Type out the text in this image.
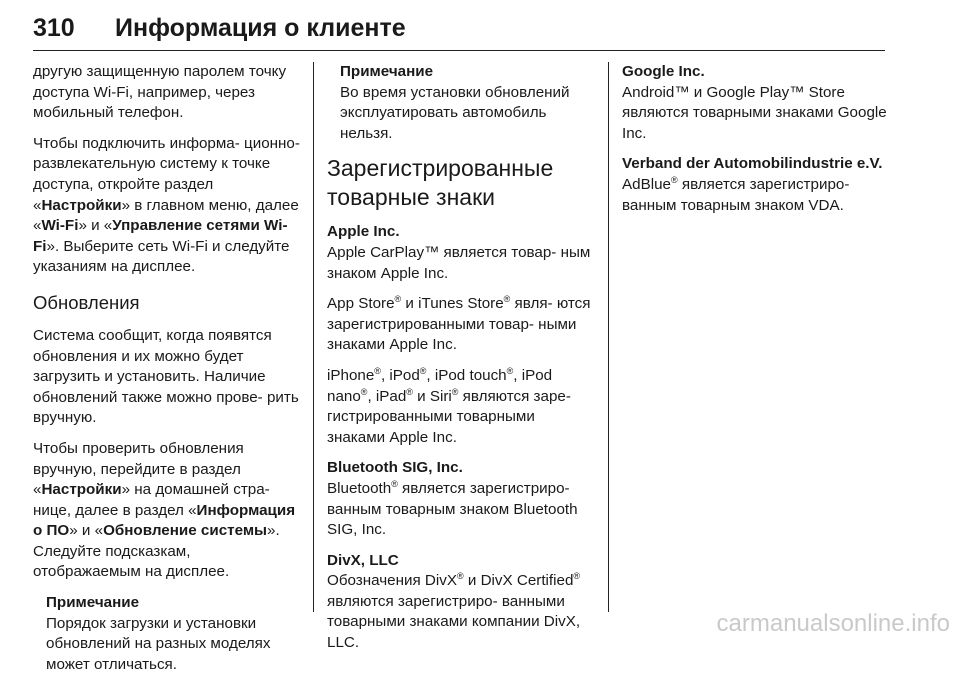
310 Информация о клиенте

другую защищенную паролем точку доступа Wi-Fi, например, через мобильный телефон.

Чтобы подключить информа- ционно-развлекательную систему к точке доступа, откройте раздел «Настройки» в главном меню, далее «Wi-Fi» и «Управление сетями Wi-Fi». Выберите сеть Wi-Fi и следуйте указаниям на дисплее.

Обновления

Система сообщит, когда появятся обновления и их можно будет загрузить и установить. Наличие обновлений также можно прове- рить вручную.

Чтобы проверить обновления вручную, перейдите в раздел «Настройки» на домашней стра- нице, далее в раздел «Информация о ПО» и «Обновление системы». Следуйте подсказкам, отображаемым на дисплее.

Примечание
Порядок загрузки и установки обновлений на разных моделях может отличаться.
Примечание
Во время установки обновлений эксплуатировать автомобиль нельзя.
Зарегистрированные товарные знаки
Apple Inc.

Apple CarPlay™ является товар- ным знаком Apple Inc.

App Store® и iTunes Store® явля- ются зарегистрированными товар- ными знаками Apple Inc.

iPhone®, iPod®, iPod touch®, iPod nano®, iPad® и Siri® являются заре- гистрированными товарными знаками Apple Inc.

Bluetooth SIG, Inc.

Bluetooth® является зарегистриро- ванным товарным знаком Bluetooth SIG, Inc.

DivX, LLC

Обозначения DivX® и DivX Certified® являются зарегистриро- ванными товарными знаками компании DivX, LLC.

Google Inc.

Android™ и Google Play™ Store являются товарными знаками Google Inc.

Verband der Automobilindustrie e.V.

AdBlue® является зарегистриро- ванным товарным знаком VDA.

carmanualsonline.info
